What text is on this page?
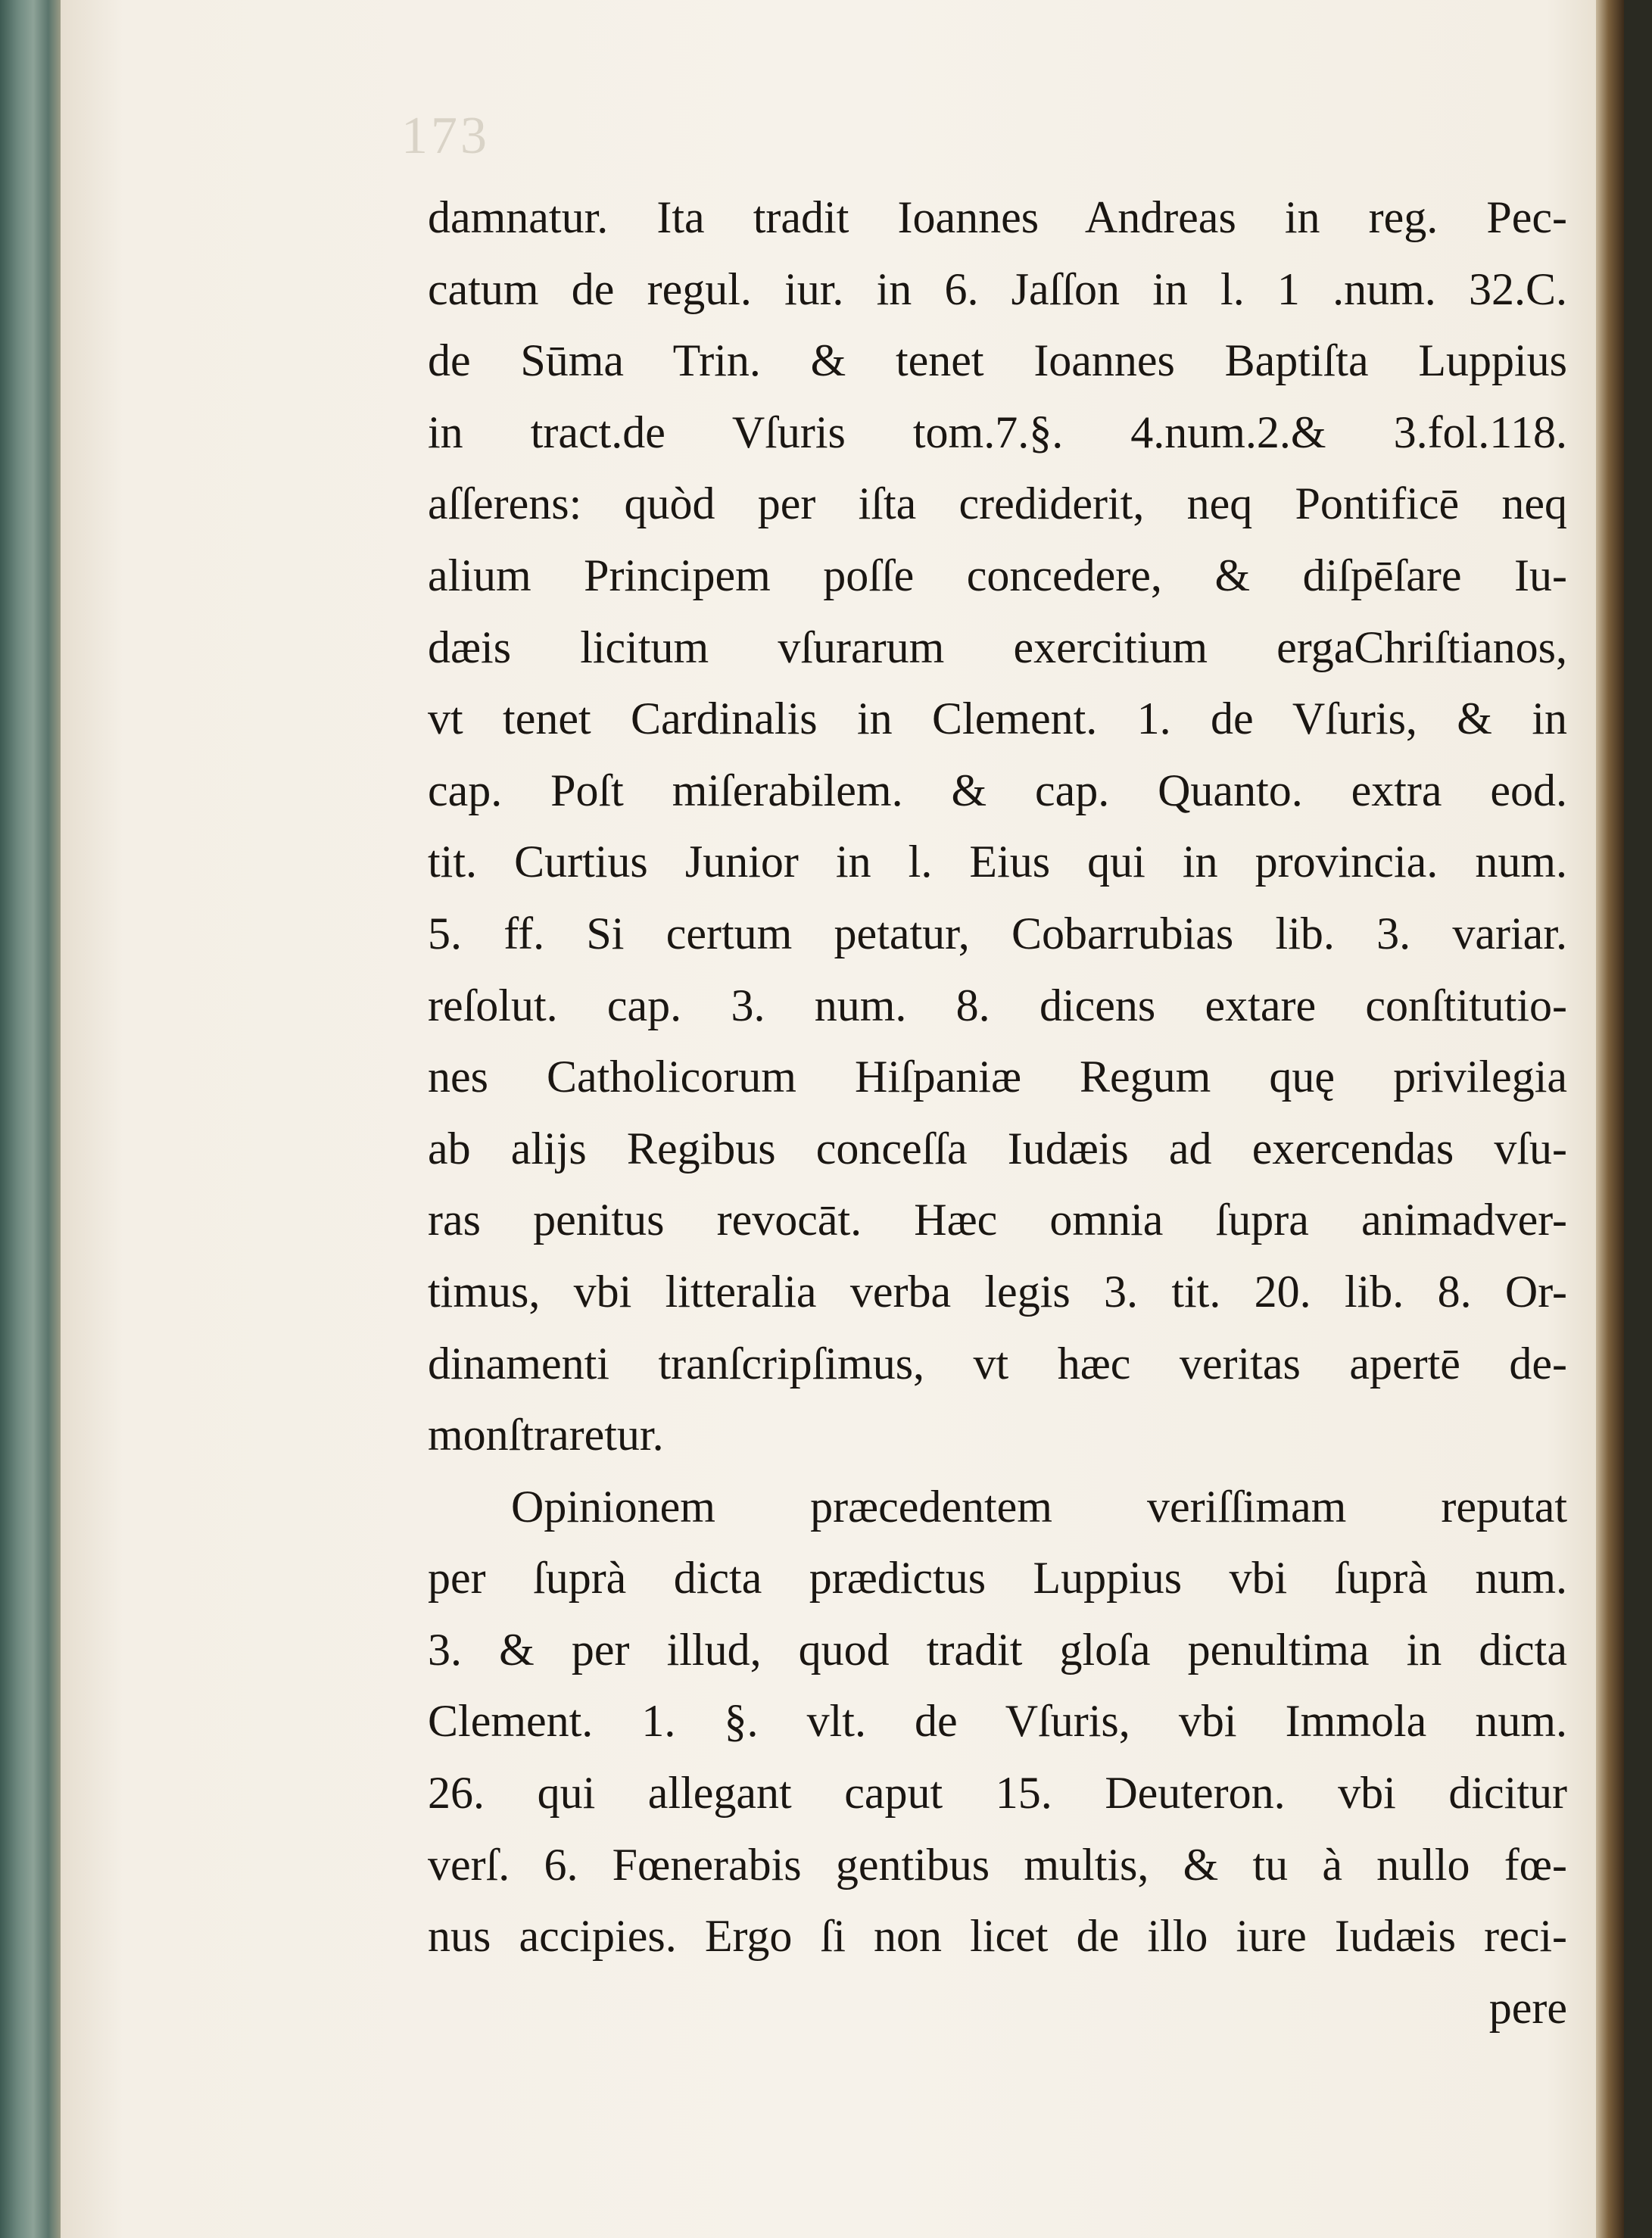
173
damnatur. Ita tradit Ioannes Andreas in reg. Pec-
catum de regul. iur. in 6. Jaſſon in l. 1 .num. 32.C.
de Sūma Trin. & tenet Ioannes Baptiſta Luppius
in tract.de Vſuris tom.7.§. 4.num.2.& 3.fol.118.
aſſerens: quòd per iſta crediderit, neq Pontificē neq
alium Principem poſſe concedere, & diſpēſare Iu-
dæis licitum vſurarum exercitium ergaChriſtianos,
vt tenet Cardinalis in Clement. 1. de Vſuris, & in
cap. Poſt miſerabilem. & cap. Quanto. extra eod.
tit. Curtius Junior in l. Eius qui in provincia. num.
5. ff. Si certum petatur, Cobarrubias lib. 3. variar.
reſolut. cap. 3. num. 8. dicens extare conſtitutio-
nes Catholicorum Hiſpaniæ Regum quę privilegia
ab alijs Regibus conceſſa Iudæis ad exercendas vſu-
ras penitus revocāt. Hæc omnia ſupra animadver-
timus, vbi litteralia verba legis 3. tit. 20. lib. 8. Or-
dinamenti tranſcripſimus, vt hæc veritas apertē de-
monſtraretur.
Opinionem præcedentem veriſſimam reputat
per ſuprà dicta prædictus Luppius vbi ſuprà num.
3. & per illud, quod tradit gloſa penultima in dicta
Clement. 1. §. vlt. de Vſuris, vbi Immola num.
26. qui allegant caput 15. Deuteron. vbi dicitur
verſ. 6. Fœnerabis gentibus multis, & tu à nullo fœ-
nus accipies. Ergo ſi non licet de illo iure Iudæis reci-
pere
